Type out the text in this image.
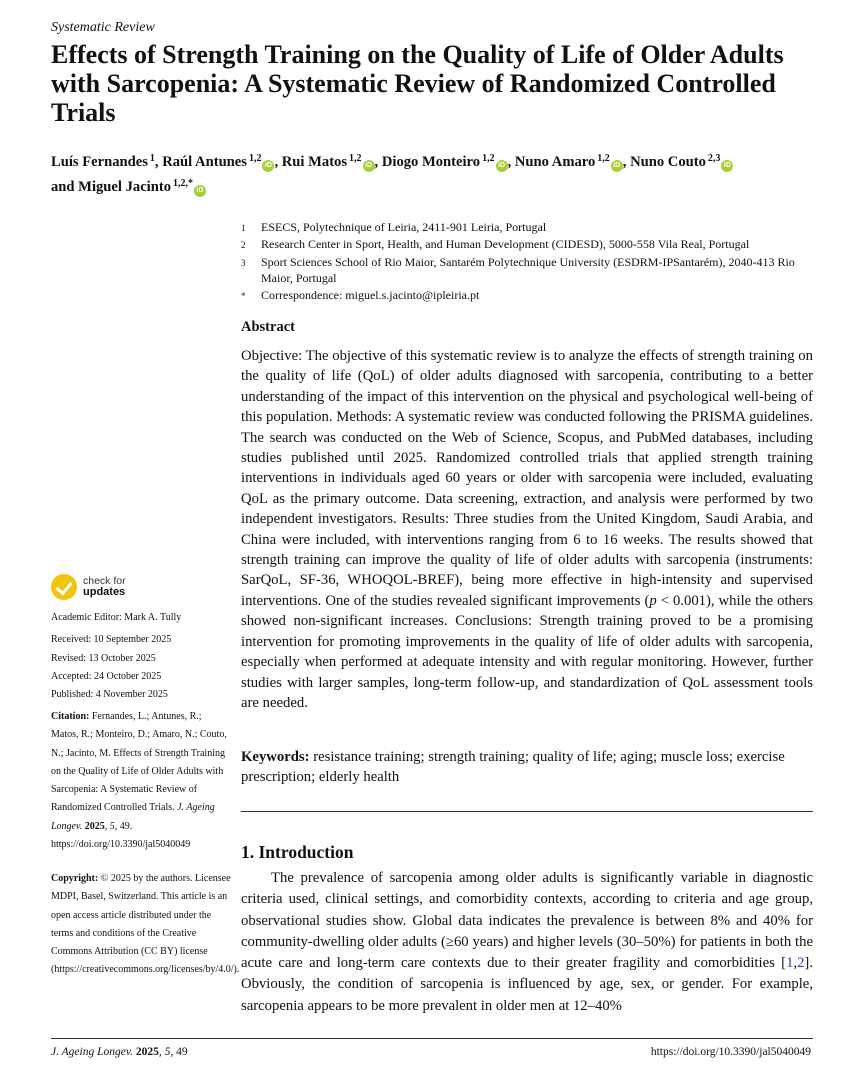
Systematic Review
Effects of Strength Training on the Quality of Life of Older Adults with Sarcopenia: A Systematic Review of Randomized Controlled Trials
Luís Fernandes $^1$, Raúl Antunes $^{1,2}$iD , Rui Matos $^{1,2}$iD , Diogo Monteiro $^{1,2}$iD , Nuno Amaro $^{1,2}$iD , Nuno Couto $^{2,3}$iD
and Miguel Jacinto $^{1,2,*}$iD
1	ESECS, Polytechnique of Leiria, 2411-901 Leiria, Portugal
2	Research Center in Sport, Health, and Human Development (CIDESD), 5000-558 Vila Real, Portugal
3	Sport Sciences School of Rio Maior, Santarém Polytechnique University (ESDRM-IPSantarém), 2040-413 Rio Maior, Portugal
*	Correspondence: miguel.s.jacinto@ipleiria.pt
Abstract
Objective: The objective of this systematic review is to analyze the effects of strength training on the quality of life (QoL) of older adults diagnosed with sarcopenia, contributing to a better understanding of the impact of this intervention on the physical and psychological well-being of this population. Methods: A systematic review was conducted following the PRISMA guidelines. The search was conducted on the Web of Science, Scopus, and PubMed databases, including studies published until 2025. Randomized controlled trials that applied strength training interventions in individuals aged 60 years or older with sarcopenia were included, evaluating QoL as the primary outcome. Data screening, extraction, and analysis were performed by two independent investigators. Results: Three studies from the United Kingdom, Saudi Arabia, and China were included, with interventions ranging from 6 to 16 weeks. The results showed that strength training can improve the quality of life of older adults with sarcopenia (instruments: SarQoL, SF-36, WHOQOL-BREF), being more effective in high-intensity and supervised interventions. One of the studies revealed significant improvements (p < 0.001), while the others showed non-significant increases. Conclusions: Strength training proved to be a promising intervention for promoting improvements in the quality of life of older adults with sarcopenia, especially when performed at adequate intensity and with regular monitoring. However, further studies with larger samples, long-term follow-up, and standardization of QoL assessment tools are needed.
Keywords: resistance training; strength training; quality of life; aging; muscle loss; exercise prescription; elderly health
1. Introduction
The prevalence of sarcopenia among older adults is significantly variable in diagnostic criteria used, clinical settings, and comorbidity contexts, according to criteria and age group, observational studies show. Global data indicates the prevalence is between 8% and 40% for community-dwelling older adults (≥60 years) and higher levels (30–50%) for patients in both the acute care and long-term care contexts due to their greater fragility and comorbidities [1,2]. Obviously, the condition of sarcopenia is influenced by age, sex, or gender. For example, sarcopenia appears to be more prevalent in older men at 12–40%
check for
updates
Academic Editor: Mark A. Tully
Received: 10 September 2025
Revised: 13 October 2025
Accepted: 24 October 2025
Published: 4 November 2025
Citation: Fernandes, L.; Antunes, R.; Matos, R.; Monteiro, D.; Amaro, N.; Couto, N.; Jacinto, M. Effects of Strength Training on the Quality of Life of Older Adults with Sarcopenia: A Systematic Review of Randomized Controlled Trials. J. Ageing Longev. 2025, 5, 49. https://doi.org/10.3390/jal5040049
Copyright: © 2025 by the authors. Licensee MDPI, Basel, Switzerland. This article is an open access article distributed under the terms and conditions of the Creative Commons Attribution (CC BY) license (https://creativecommons.org/licenses/by/4.0/).
J. Ageing Longev. 2025, 5, 49	https://doi.org/10.3390/jal5040049
